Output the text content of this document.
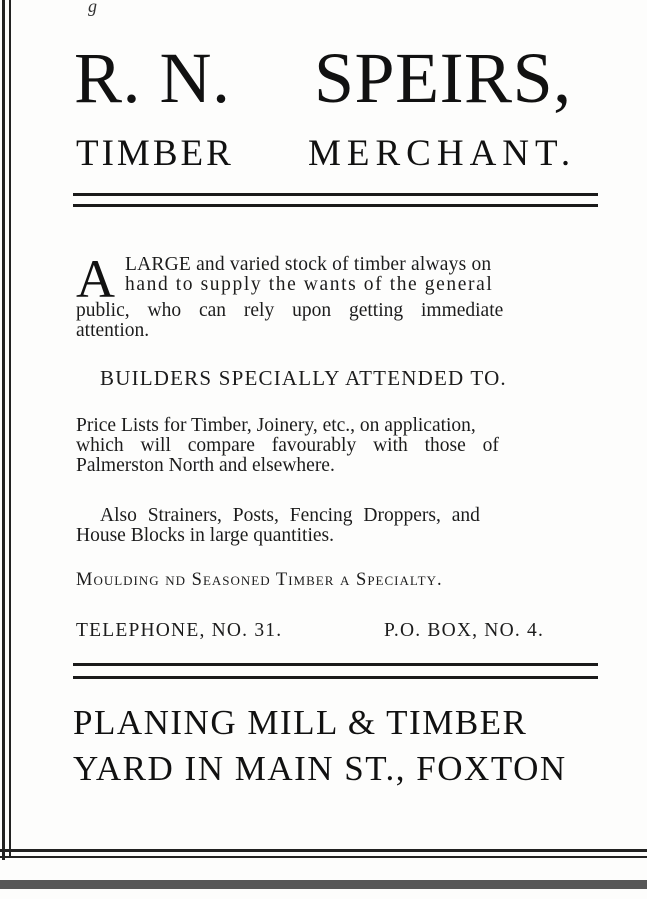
g
R. N. SPEIRS,
TIMBER MERCHANT.
A LARGE and varied stock of timber always on
hand to supply the wants of the general
public, who can rely upon getting immediate
attention.
BUILDERS SPECIALLY ATTENDED TO.
Price Lists for Timber, Joinery, etc., on application,
which will compare favourably with those of
Palmerston North and elsewhere.
Also Strainers, Posts, Fencing Droppers, and
House Blocks in large quantities.
Moulding nd Seasoned Timber a Specialty.
TELEPHONE, NO. 31.	P.O. BOX, NO. 4.
PLANING MILL & TIMBER
YARD IN MAIN ST., FOXTON
